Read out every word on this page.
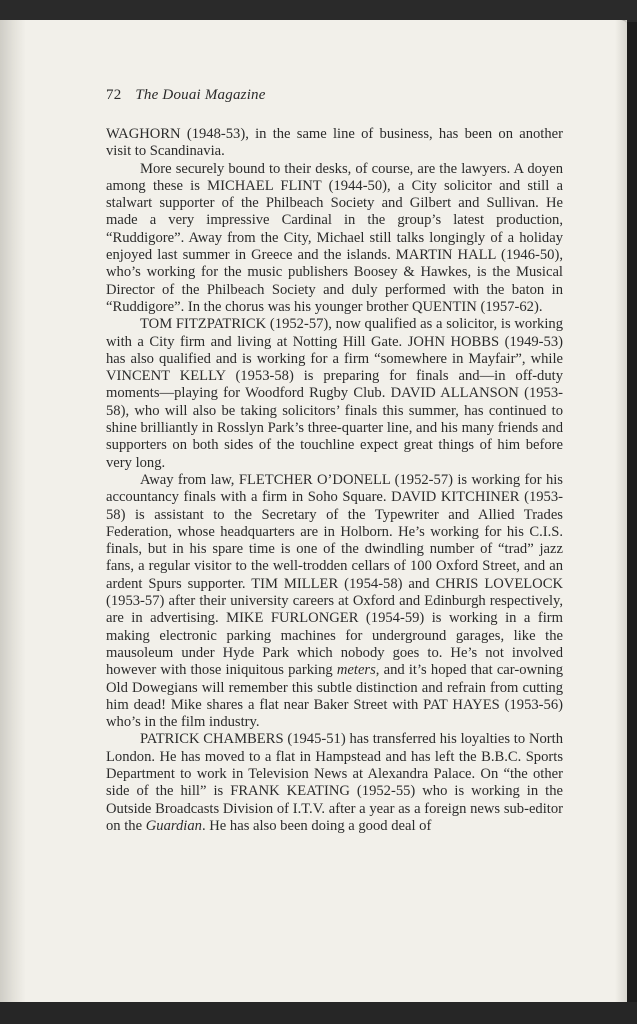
72 The Douai Magazine

WAGHORN (1948-53), in the same line of business, has been on another visit to Scandinavia.

More securely bound to their desks, of course, are the lawyers. A doyen among these is MICHAEL FLINT (1944-50), a City solicitor and still a stalwart supporter of the Philbeach Society and Gilbert and Sullivan. He made a very impressive Cardinal in the group’s latest production, “Ruddigore”. Away from the City, Michael still talks longingly of a holiday enjoyed last summer in Greece and the islands. MARTIN HALL (1946-50), who’s working for the music publishers Boosey & Hawkes, is the Musical Director of the Philbeach Society and duly performed with the baton in “Ruddigore”. In the chorus was his younger brother QUENTIN (1957-62).

TOM FITZPATRICK (1952-57), now qualified as a solicitor, is working with a City firm and living at Notting Hill Gate. JOHN HOBBS (1949-53) has also qualified and is working for a firm “somewhere in Mayfair”, while VINCENT KELLY (1953-58) is preparing for finals and—in off-duty moments—playing for Woodford Rugby Club. DAVID ALLANSON (1953-58), who will also be taking solicitors’ finals this summer, has continued to shine brilliantly in Rosslyn Park’s three-quarter line, and his many friends and supporters on both sides of the touchline expect great things of him before very long.

Away from law, FLETCHER O’DONELL (1952-57) is working for his accountancy finals with a firm in Soho Square. DAVID KITCHINER (1953-58) is assistant to the Secretary of the Typewriter and Allied Trades Federation, whose headquarters are in Holborn. He’s working for his C.I.S. finals, but in his spare time is one of the dwindling number of “trad” jazz fans, a regular visitor to the well-trodden cellars of 100 Oxford Street, and an ardent Spurs supporter. TIM MILLER (1954-58) and CHRIS LOVELOCK (1953-57) after their university careers at Oxford and Edinburgh respectively, are in advertising. MIKE FURLONGER (1954-59) is working in a firm making electronic parking machines for underground garages, like the mausoleum under Hyde Park which nobody goes to. He’s not involved however with those iniquitous parking meters, and it’s hoped that car-owning Old Dowegians will remember this subtle distinction and refrain from cutting him dead! Mike shares a flat near Baker Street with PAT HAYES (1953-56) who’s in the film industry.

PATRICK CHAMBERS (1945-51) has transferred his loyalties to North London. He has moved to a flat in Hampstead and has left the B.B.C. Sports Department to work in Television News at Alexandra Palace. On “the other side of the hill” is FRANK KEATING (1952-55) who is working in the Outside Broadcasts Division of I.T.V. after a year as a foreign news sub-editor on the Guardian. He has also been doing a good deal of
